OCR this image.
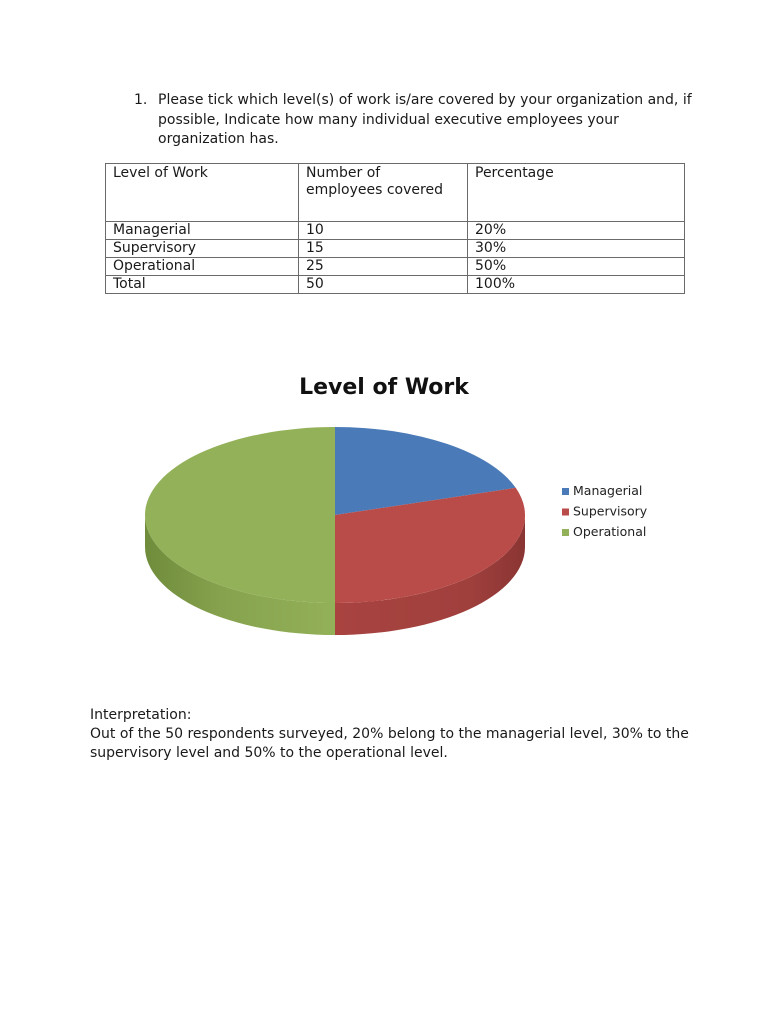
1. Please tick which level(s) of work is/are covered by your organization and, if possible, Indicate how many individual executive employees your organization has.
Level of Work	Number of employees covered	Percentage
Managerial	10	20%
Supervisory	15	30%
Operational	25	50%
Total	50	100%
Level of Work
Managerial
Supervisory
Operational
Interpretation:
Out of the 50 respondents surveyed, 20% belong to the managerial level, 30% to the supervisory level and 50% to the operational level.
